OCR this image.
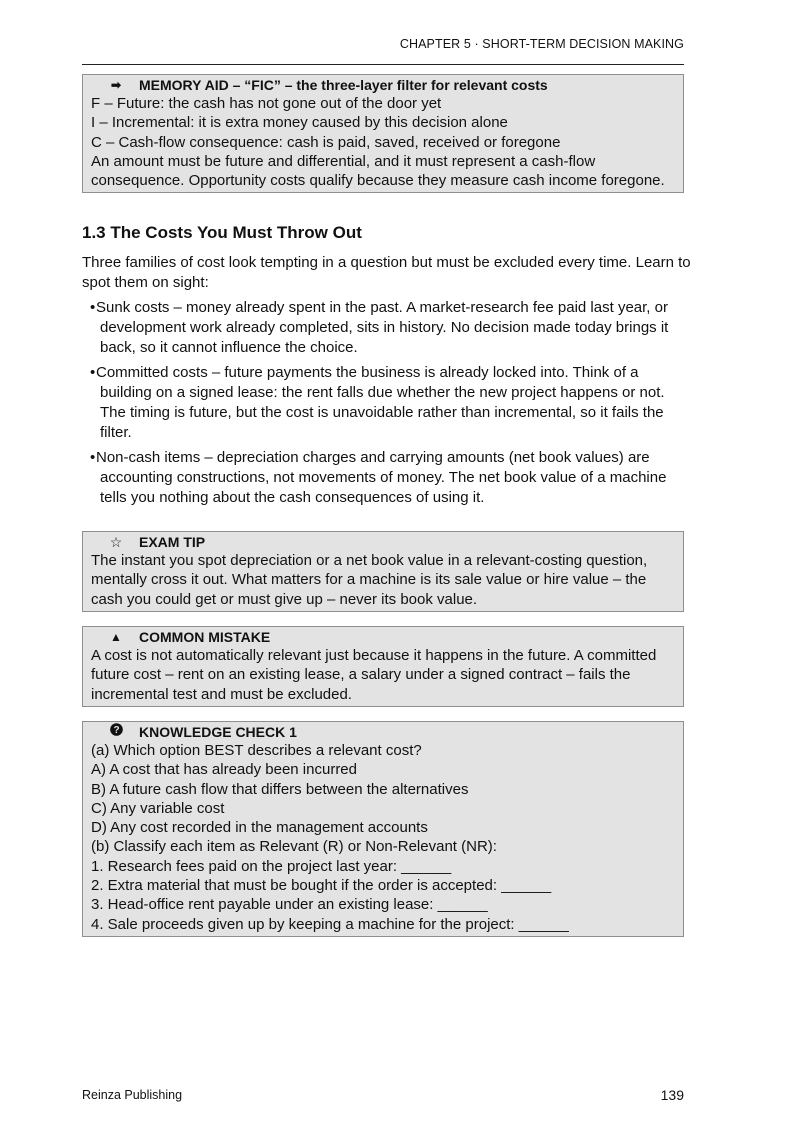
CHAPTER 5 · SHORT-TERM DECISION MAKING
➡	MEMORY AID – “FIC” – the three-layer filter for relevant costs
F – Future: the cash has not gone out of the door yet
I – Incremental: it is extra money caused by this decision alone
C – Cash-flow consequence: cash is paid, saved, received or foregone
An amount must be future and differential, and it must represent a cash-flow
consequence. Opportunity costs qualify because they measure cash income foregone.
1.3 The Costs You Must Throw Out
Three families of cost look tempting in a question but must be excluded every time. Learn to spot them on sight:
•Sunk costs – money already spent in the past. A market-research fee paid last year, or development work already completed, sits in history. No decision made today brings it back, so it cannot influence the choice.
•Committed costs – future payments the business is already locked into. Think of a building on a signed lease: the rent falls due whether the new project happens or not. The timing is future, but the cost is unavoidable rather than incremental, so it fails the filter.
•Non-cash items – depreciation charges and carrying amounts (net book values) are accounting constructions, not movements of money. The net book value of a machine tells you nothing about the cash consequences of using it.
☆	EXAM TIP
The instant you spot depreciation or a net book value in a relevant-costing question,
mentally cross it out. What matters for a machine is its sale value or hire value – the
cash you could get or must give up – never its book value.
▲	COMMON MISTAKE
A cost is not automatically relevant just because it happens in the future. A committed
future cost – rent on an existing lease, a salary under a signed contract – fails the
incremental test and must be excluded.
? KNOWLEDGE CHECK 1
(a) Which option BEST describes a relevant cost?
A) A cost that has already been incurred
B) A future cash flow that differs between the alternatives
C) Any variable cost
D) Any cost recorded in the management accounts
(b) Classify each item as Relevant (R) or Non-Relevant (NR):
1. Research fees paid on the project last year: ______
2. Extra material that must be bought if the order is accepted: ______
3. Head-office rent payable under an existing lease: ______
4. Sale proceeds given up by keeping a machine for the project: ______
Reinza Publishing	139
